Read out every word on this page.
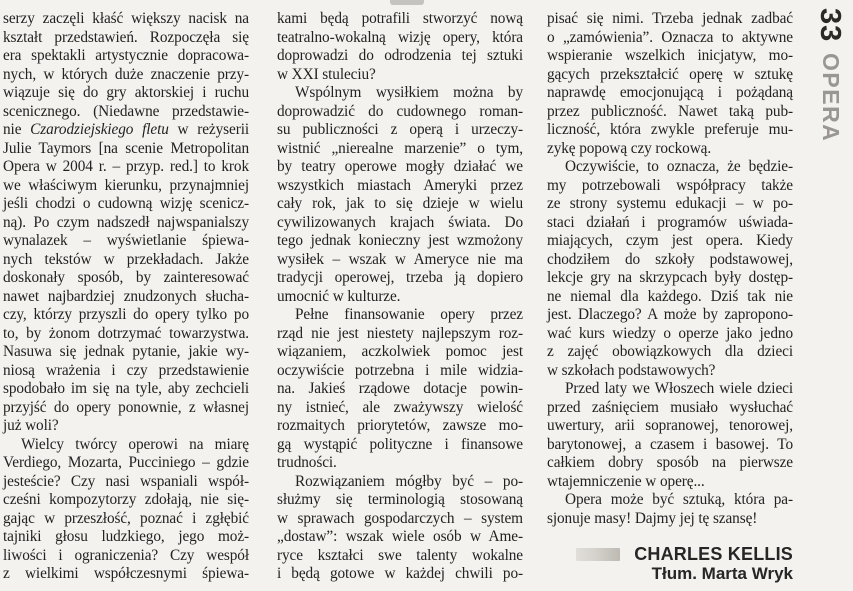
serzy zaczęli kłaść większy nacisk na
kształt przedstawień. Rozpoczęła się
era spektakli artystycznie dopracowa-
nych, w których duże znaczenie przy-
wiązuje się do gry aktorskiej i ruchu
scenicznego. (Niedawne przedstawie-
nie Czarodziejskiego fletu w reżyserii
Julie Taymors [na scenie Metropolitan
Opera w 2004 r. – przyp. red.] to krok
we właściwym kierunku, przynajmniej
jeśli chodzi o cudowną wizję scenicz-
ną). Po czym nadszedł najwspanialszy
wynalazek – wyświetlanie śpiewa-
nych tekstów w przekładach. Jakże
doskonały sposób, by zainteresować
nawet najbardziej znudzonych słucha-
czy, którzy przyszli do opery tylko po
to, by żonom dotrzymać towarzystwa.
Nasuwa się jednak pytanie, jakie wy-
niosą wrażenia i czy przedstawienie
spodobało im się na tyle, aby zechcieli
przyjść do opery ponownie, z własnej
już woli?
Wielcy twórcy operowi na miarę
Verdiego, Mozarta, Pucciniego – gdzie
jesteście? Czy nasi wspaniali współ-
cześni kompozytorzy zdołają, nie się-
gając w przeszłość, poznać i zgłębić
tajniki głosu ludzkiego, jego moż-
liwości i ograniczenia? Czy wespół
z wielkimi współczesnymi śpiewa-
kami będą potrafili stworzyć nową
teatralno-wokalną wizję opery, która
doprowadzi do odrodzenia tej sztuki
w XXI stuleciu?
Wspólnym wysiłkiem można by
doprowadzić do cudownego roman-
su publiczności z operą i urzeczy-
wistnić „nierealne marzenie” o tym,
by teatry operowe mogły działać we
wszystkich miastach Ameryki przez
cały rok, jak to się dzieje w wielu
cywilizowanych krajach świata. Do
tego jednak konieczny jest wzmożony
wysiłek – wszak w Ameryce nie ma
tradycji operowej, trzeba ją dopiero
umocnić w kulturze.
Pełne finansowanie opery przez
rząd nie jest niestety najlepszym roz-
wiązaniem, aczkolwiek pomoc jest
oczywiście potrzebna i mile widzia-
na. Jakieś rządowe dotacje powin-
ny istnieć, ale zważywszy wielość
rozmaitych priorytetów, zawsze mo-
gą wystąpić polityczne i finansowe
trudności.
Rozwiązaniem mógłby być – po-
służmy się terminologią stosowaną
w sprawach gospodarczych – system
„dostaw”: wszak wiele osób w Ame-
ryce kształci swe talenty wokalne
i będą gotowe w każdej chwili po-
pisać się nimi. Trzeba jednak zadbać
o „zamówienia”. Oznacza to aktywne
wspieranie wszelkich inicjatyw, mo-
gących przekształcić operę w sztukę
naprawdę emocjonującą i pożądaną
przez publiczność. Nawet taką pub-
liczność, która zwykle preferuje mu-
zykę popową czy rockową.
Oczywiście, to oznacza, że będzie-
my potrzebowali współpracy także
ze strony systemu edukacji – w po-
staci działań i programów uświada-
miających, czym jest opera. Kiedy
chodziłem do szkoły podstawowej,
lekcje gry na skrzypcach były dostęp-
ne niemal dla każdego. Dziś tak nie
jest. Dlaczego? A może by zapropono-
wać kurs wiedzy o operze jako jedno
z zajęć obowiązkowych dla dzieci
w szkołach podstawowych?
Przed laty we Włoszech wiele dzieci
przed zaśnięciem musiało wysłuchać
uwertury, arii sopranowej, tenorowej,
barytonowej, a czasem i basowej. To
całkiem dobry sposób na pierwsze
wtajemniczenie w operę...
Opera może być sztuką, która pa-
sjonuje masy! Dajmy jej tę szansę!
CHARLES KELLIS
Tłum. Marta Wryk
33
OPERA
